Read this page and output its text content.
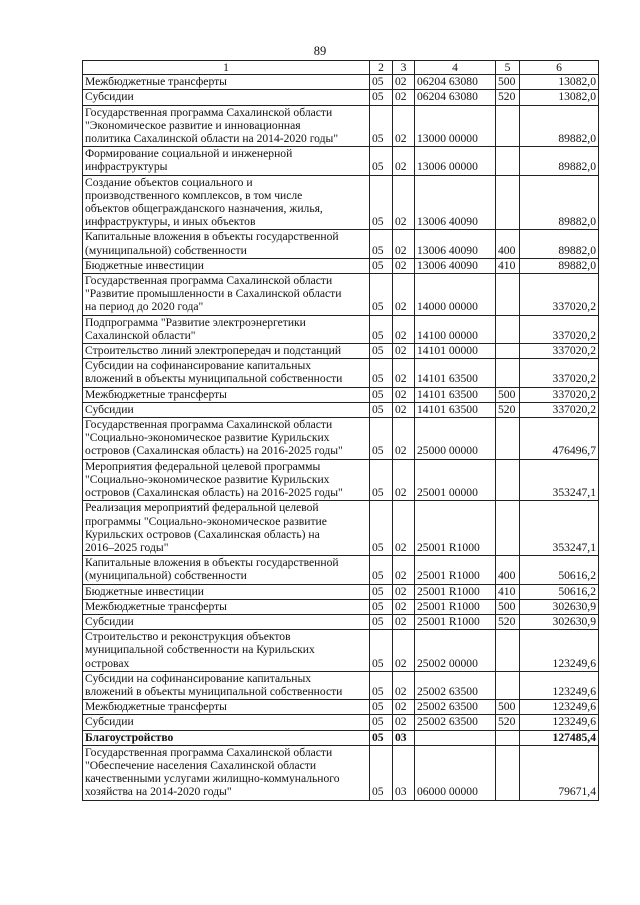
89
1	2	3	4	5	6
Межбюджетные трансферты	05	02	06204 63080	500	13082,0
Субсидии	05	02	06204 63080	520	13082,0
Государственная программа Сахалинской области
"Экономическое развитие и инновационная
политика Сахалинской области на 2014-2020 годы"	05	02	13000 00000		89882,0
Формирование социальной и инженерной
инфраструктуры	05	02	13006 00000		89882,0
Создание объектов социального и
производственного комплексов, в том числе
объектов общегражданского назначения, жилья,
инфраструктуры, и иных объектов	05	02	13006 40090		89882,0
Капитальные вложения в объекты государственной
(муниципальной) собственности	05	02	13006 40090	400	89882,0
Бюджетные инвестиции	05	02	13006 40090	410	89882,0
Государственная программа Сахалинской области
"Развитие промышленности в Сахалинской области
на период до 2020 года"	05	02	14000 00000		337020,2
Подпрограмма "Развитие электроэнергетики
Сахалинской области"	05	02	14100 00000		337020,2
Строительство линий электропередач и подстанций	05	02	14101 00000		337020,2
Субсидии на софинансирование капитальных
вложений в объекты муниципальной собственности	05	02	14101 63500		337020,2
Межбюджетные трансферты	05	02	14101 63500	500	337020,2
Субсидии	05	02	14101 63500	520	337020,2
Государственная программа Сахалинской области
"Социально-экономическое развитие Курильских
островов (Сахалинская область) на 2016-2025 годы"	05	02	25000 00000		476496,7
Мероприятия федеральной целевой программы
"Социально-экономическое развитие Курильских
островов (Сахалинская область) на 2016-2025 годы"	05	02	25001 00000		353247,1
Реализация мероприятий федеральной целевой
программы "Социально-экономическое развитие
Курильских островов (Сахалинская область) на
2016–2025 годы"	05	02	25001 R1000		353247,1
Капитальные вложения в объекты государственной
(муниципальной) собственности	05	02	25001 R1000	400	50616,2
Бюджетные инвестиции	05	02	25001 R1000	410	50616,2
Межбюджетные трансферты	05	02	25001 R1000	500	302630,9
Субсидии	05	02	25001 R1000	520	302630,9
Строительство и реконструкция объектов
муниципальной собственности на Курильских
островах	05	02	25002 00000		123249,6
Субсидии на софинансирование капитальных
вложений в объекты муниципальной собственности	05	02	25002 63500		123249,6
Межбюджетные трансферты	05	02	25002 63500	500	123249,6
Субсидии	05	02	25002 63500	520	123249,6
Благоустройство	05	03			127485,4
Государственная программа Сахалинской области
"Обеспечение населения Сахалинской области
качественными услугами жилищно-коммунального
хозяйства на 2014-2020 годы"	05	03	06000 00000		79671,4
